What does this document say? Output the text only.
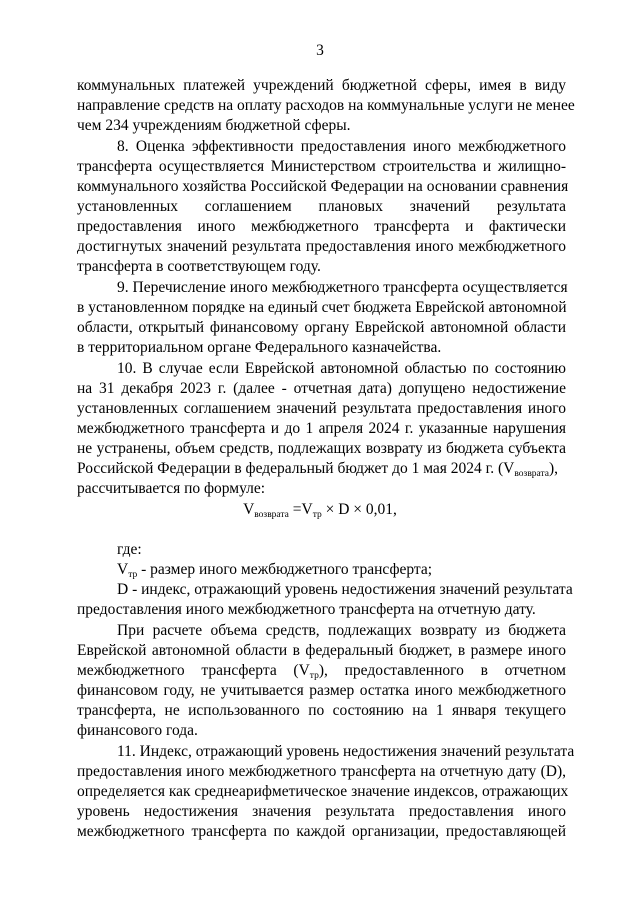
3
коммунальных платежей учреждений бюджетной сферы, имея в виду
направление средств на оплату расходов на коммунальные услуги не менее
чем 234 учреждениям бюджетной сферы.
8. Оценка эффективности предоставления иного межбюджетного
трансферта осуществляется Министерством строительства и жилищно-
коммунального хозяйства Российской Федерации на основании сравнения
установленных соглашением плановых значений результата
предоставления иного межбюджетного трансферта и фактически
достигнутых значений результата предоставления иного межбюджетного
трансферта в соответствующем году.
9. Перечисление иного межбюджетного трансферта осуществляется
в установленном порядке на единый счет бюджета Еврейской автономной
области, открытый финансовому органу Еврейской автономной области
в территориальном органе Федерального казначейства.
10. В случае если Еврейской автономной областью по состоянию
на 31 декабря 2023 г. (далее - отчетная дата) допущено недостижение
установленных соглашением значений результата предоставления иного
межбюджетного трансферта и до 1 апреля 2024 г. указанные нарушения
не устранены, объем средств, подлежащих возврату из бюджета субъекта
Российской Федерации в федеральный бюджет до 1 мая 2024 г. $(V_{возврата})$,
рассчитывается по формуле:
$V_{возврата} =V_{тр} \times D \times 0,01$,
где:
$V_{тр}$ - размер иного межбюджетного трансферта;
D - индекс, отражающий уровень недостижения значений результата
предоставления иного межбюджетного трансферта на отчетную дату.
При расчете объема средств, подлежащих возврату из бюджета
Еврейской автономной области в федеральный бюджет, в размере иного
межбюджетного трансферта $(V_{тр})$, предоставленного в отчетном
финансовом году, не учитывается размер остатка иного межбюджетного
трансферта, не использованного по состоянию на 1 января текущего
финансового года.
11. Индекс, отражающий уровень недостижения значений результата
предоставления иного межбюджетного трансферта на отчетную дату (D),
определяется как среднеарифметическое значение индексов, отражающих
уровень недостижения значения результата предоставления иного
межбюджетного трансферта по каждой организации, предоставляющей
